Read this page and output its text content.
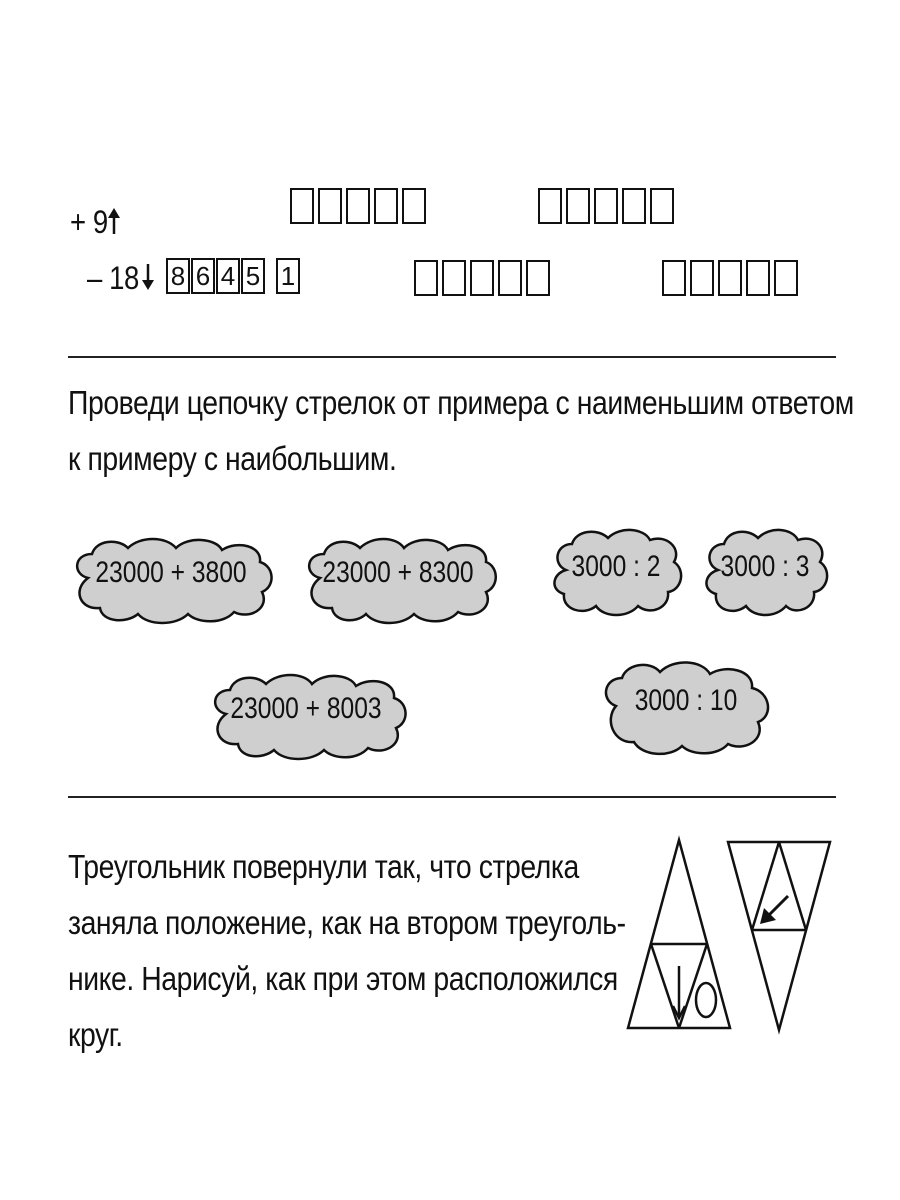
+ 9
– 18 8 6 4 5 1
Проведи цепочку стрелок от примера с наименьшим ответом
к примеру с наибольшим.
23000 + 3800	23000 + 8300	3000 : 2	3000 : 3
23000 + 8003	3000 : 10
Треугольник повернули так, что стрелка
заняла положение, как на втором треуголь-
нике. Нарисуй, как при этом расположился
круг.
